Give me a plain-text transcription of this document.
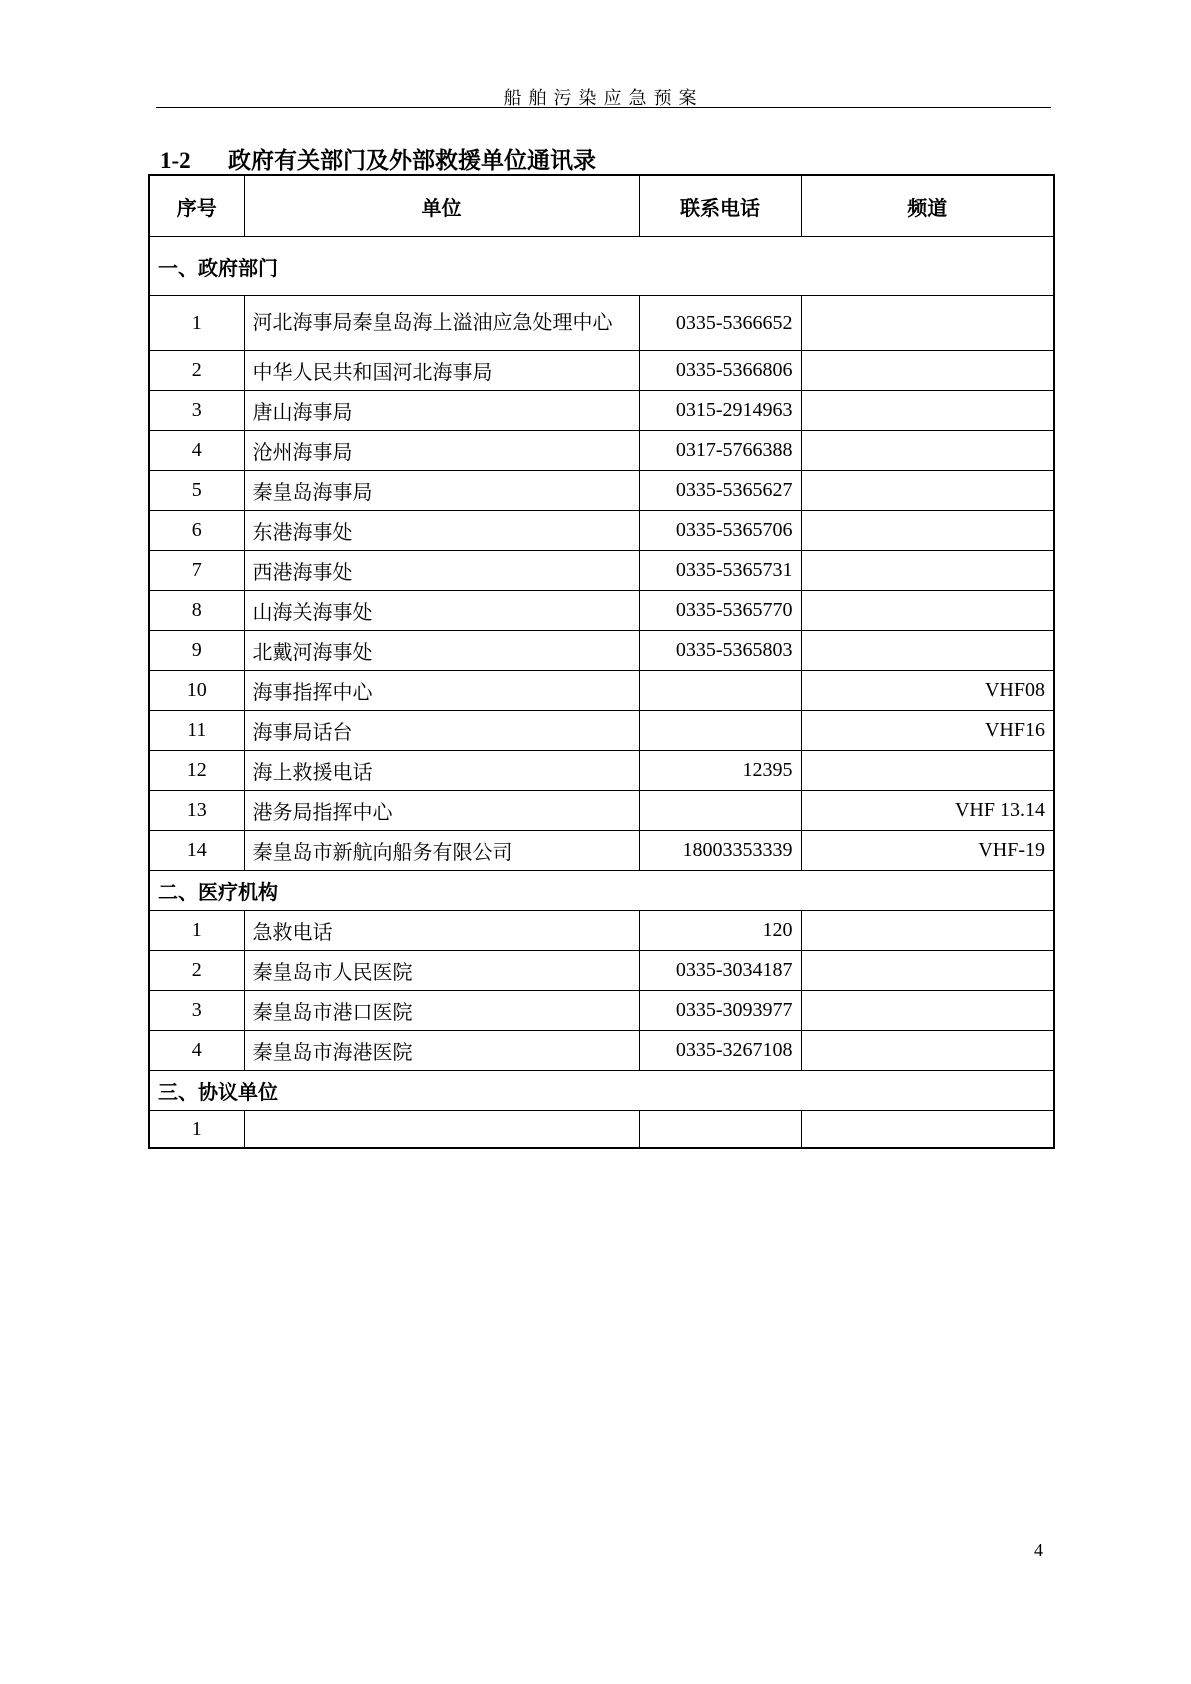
船舶污染应急预案
1-2 政府有关部门及外部救援单位通讯录
序号	单位	联系电话	频道
一、政府部门			
1	河北海事局秦皇岛海上溢油应急处理中心	0335-5366652	
2	中华人民共和国河北海事局	0335-5366806	
3	唐山海事局	0315-2914963	
4	沧州海事局	0317-5766388	
5	秦皇岛海事局	0335-5365627	
6	东港海事处	0335-5365706	
7	西港海事处	0335-5365731	
8	山海关海事处	0335-5365770	
9	北戴河海事处	0335-5365803	
10	海事指挥中心		VHF08
11	海事局话台		VHF16
12	海上救援电话	12395	
13	港务局指挥中心		VHF 13.14
14	秦皇岛市新航向船务有限公司	18003353339	VHF-19
二、医疗机构			
1	急救电话	120	
2	秦皇岛市人民医院	0335-3034187	
3	秦皇岛市港口医院	0335-3093977	
4	秦皇岛市海港医院	0335-3267108	
三、协议单位			
1			
4
